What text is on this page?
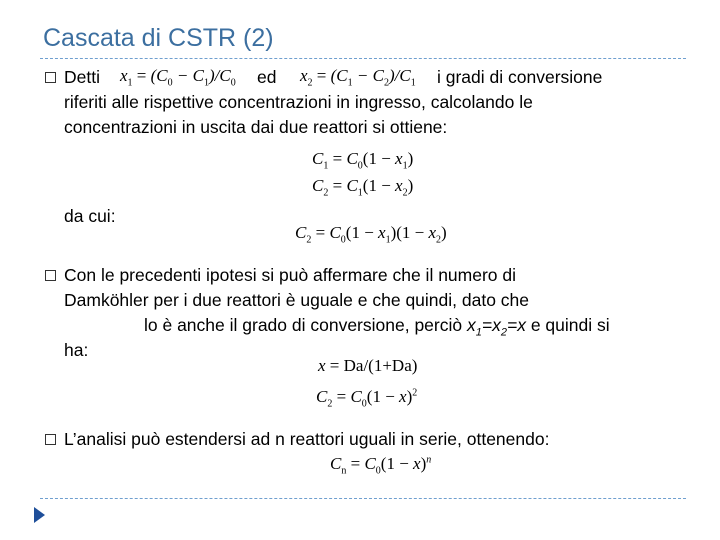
Cascata di CSTR (2)
Detti $x_1 = (C_0 - C_1)/C_0$ ed $x_2 = (C_1 - C_2)/C_1$ i gradi di conversione
riferiti alle rispettive concentrazioni in ingresso, calcolando le
concentrazioni in uscita dai due reattori si ottiene:
$C_1 = C_0(1 - x_1)$
$C_2 = C_1(1 - x_2)$
da cui:
$C_2 = C_0(1 - x_1)(1 - x_2)$
Con le precedenti ipotesi si può affermare che il numero di
Damköhler per i due reattori è uguale e che quindi, dato che
lo è anche il grado di conversione, perciò $x_1=x_2=x$ e quindi si
ha:
x = Da/(1+Da)
$C_2 = C_0(1 - x)^2$
L’analisi può estendersi ad n reattori uguali in serie, ottenendo:
$C_n = C_0(1 - x)^n$
